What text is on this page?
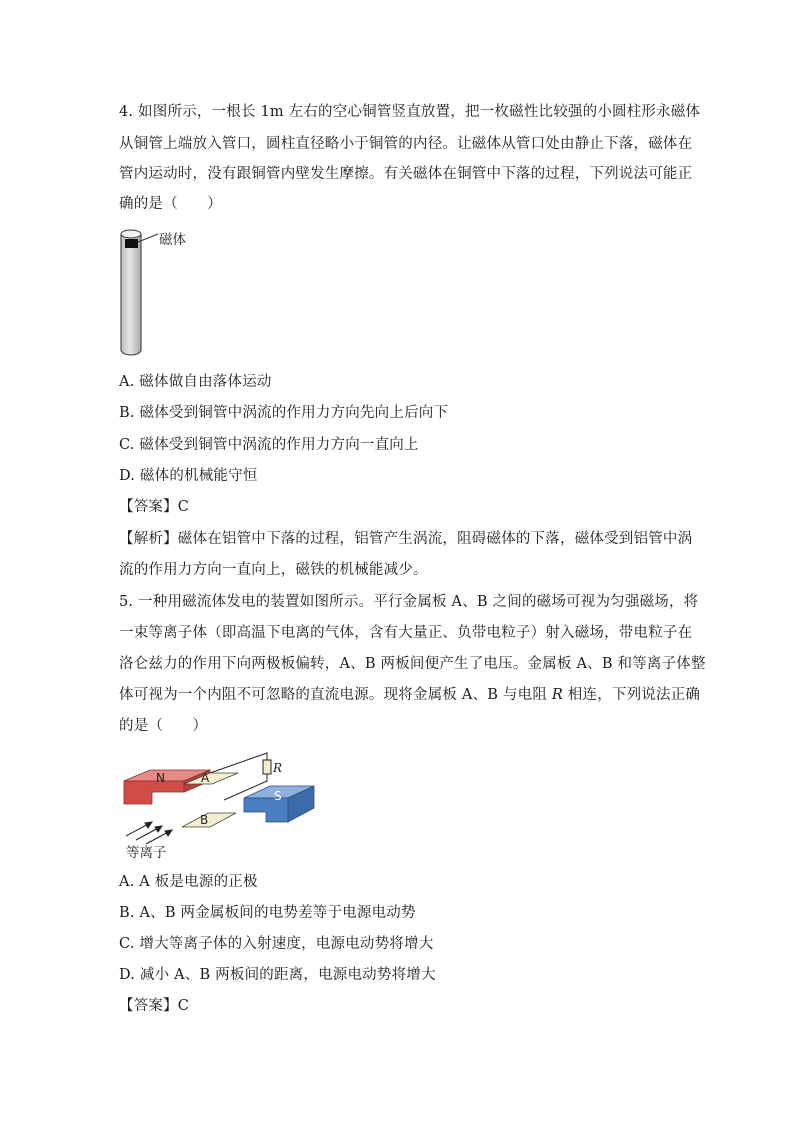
4. 如图所示，一根长 1m 左右的空心铜管竖直放置，把一枚磁性比较强的小圆柱形永磁体
从铜管上端放入管口，圆柱直径略小于铜管的内径。让磁体从管口处由静止下落，磁体在
管内运动时，没有跟铜管内壁发生摩擦。有关磁体在铜管中下落的过程，下列说法可能正
确的是（　　）
磁体
A. 磁体做自由落体运动
B. 磁体受到铜管中涡流的作用力方向先向上后向下
C. 磁体受到铜管中涡流的作用力方向一直向上
D. 磁体的机械能守恒
【答案】C
【解析】磁体在铝管中下落的过程，铝管产生涡流，阻碍磁体的下落，磁体受到铝管中涡
流的作用力方向一直向上，磁铁的机械能减少。
5. 一种用磁流体发电的装置如图所示。平行金属板 A、B 之间的磁场可视为匀强磁场，将
一束等离子体（即高温下电离的气体，含有大量正、负带电粒子）射入磁场，带电粒子在
洛仑兹力的作用下向两极板偏转，A、B 两板间便产生了电压。金属板 A、B 和等离子体整
体可视为一个内阻不可忽略的直流电源。现将金属板 A、B 与电阻 R 相连，下列说法正确
的是（　　）
R
N	A
B
S
等离子
A. A 板是电源的正极
B. A、B 两金属板间的电势差等于电源电动势
C. 增大等离子体的入射速度，电源电动势将增大
D. 减小 A、B 两板间的距离，电源电动势将增大
【答案】C
